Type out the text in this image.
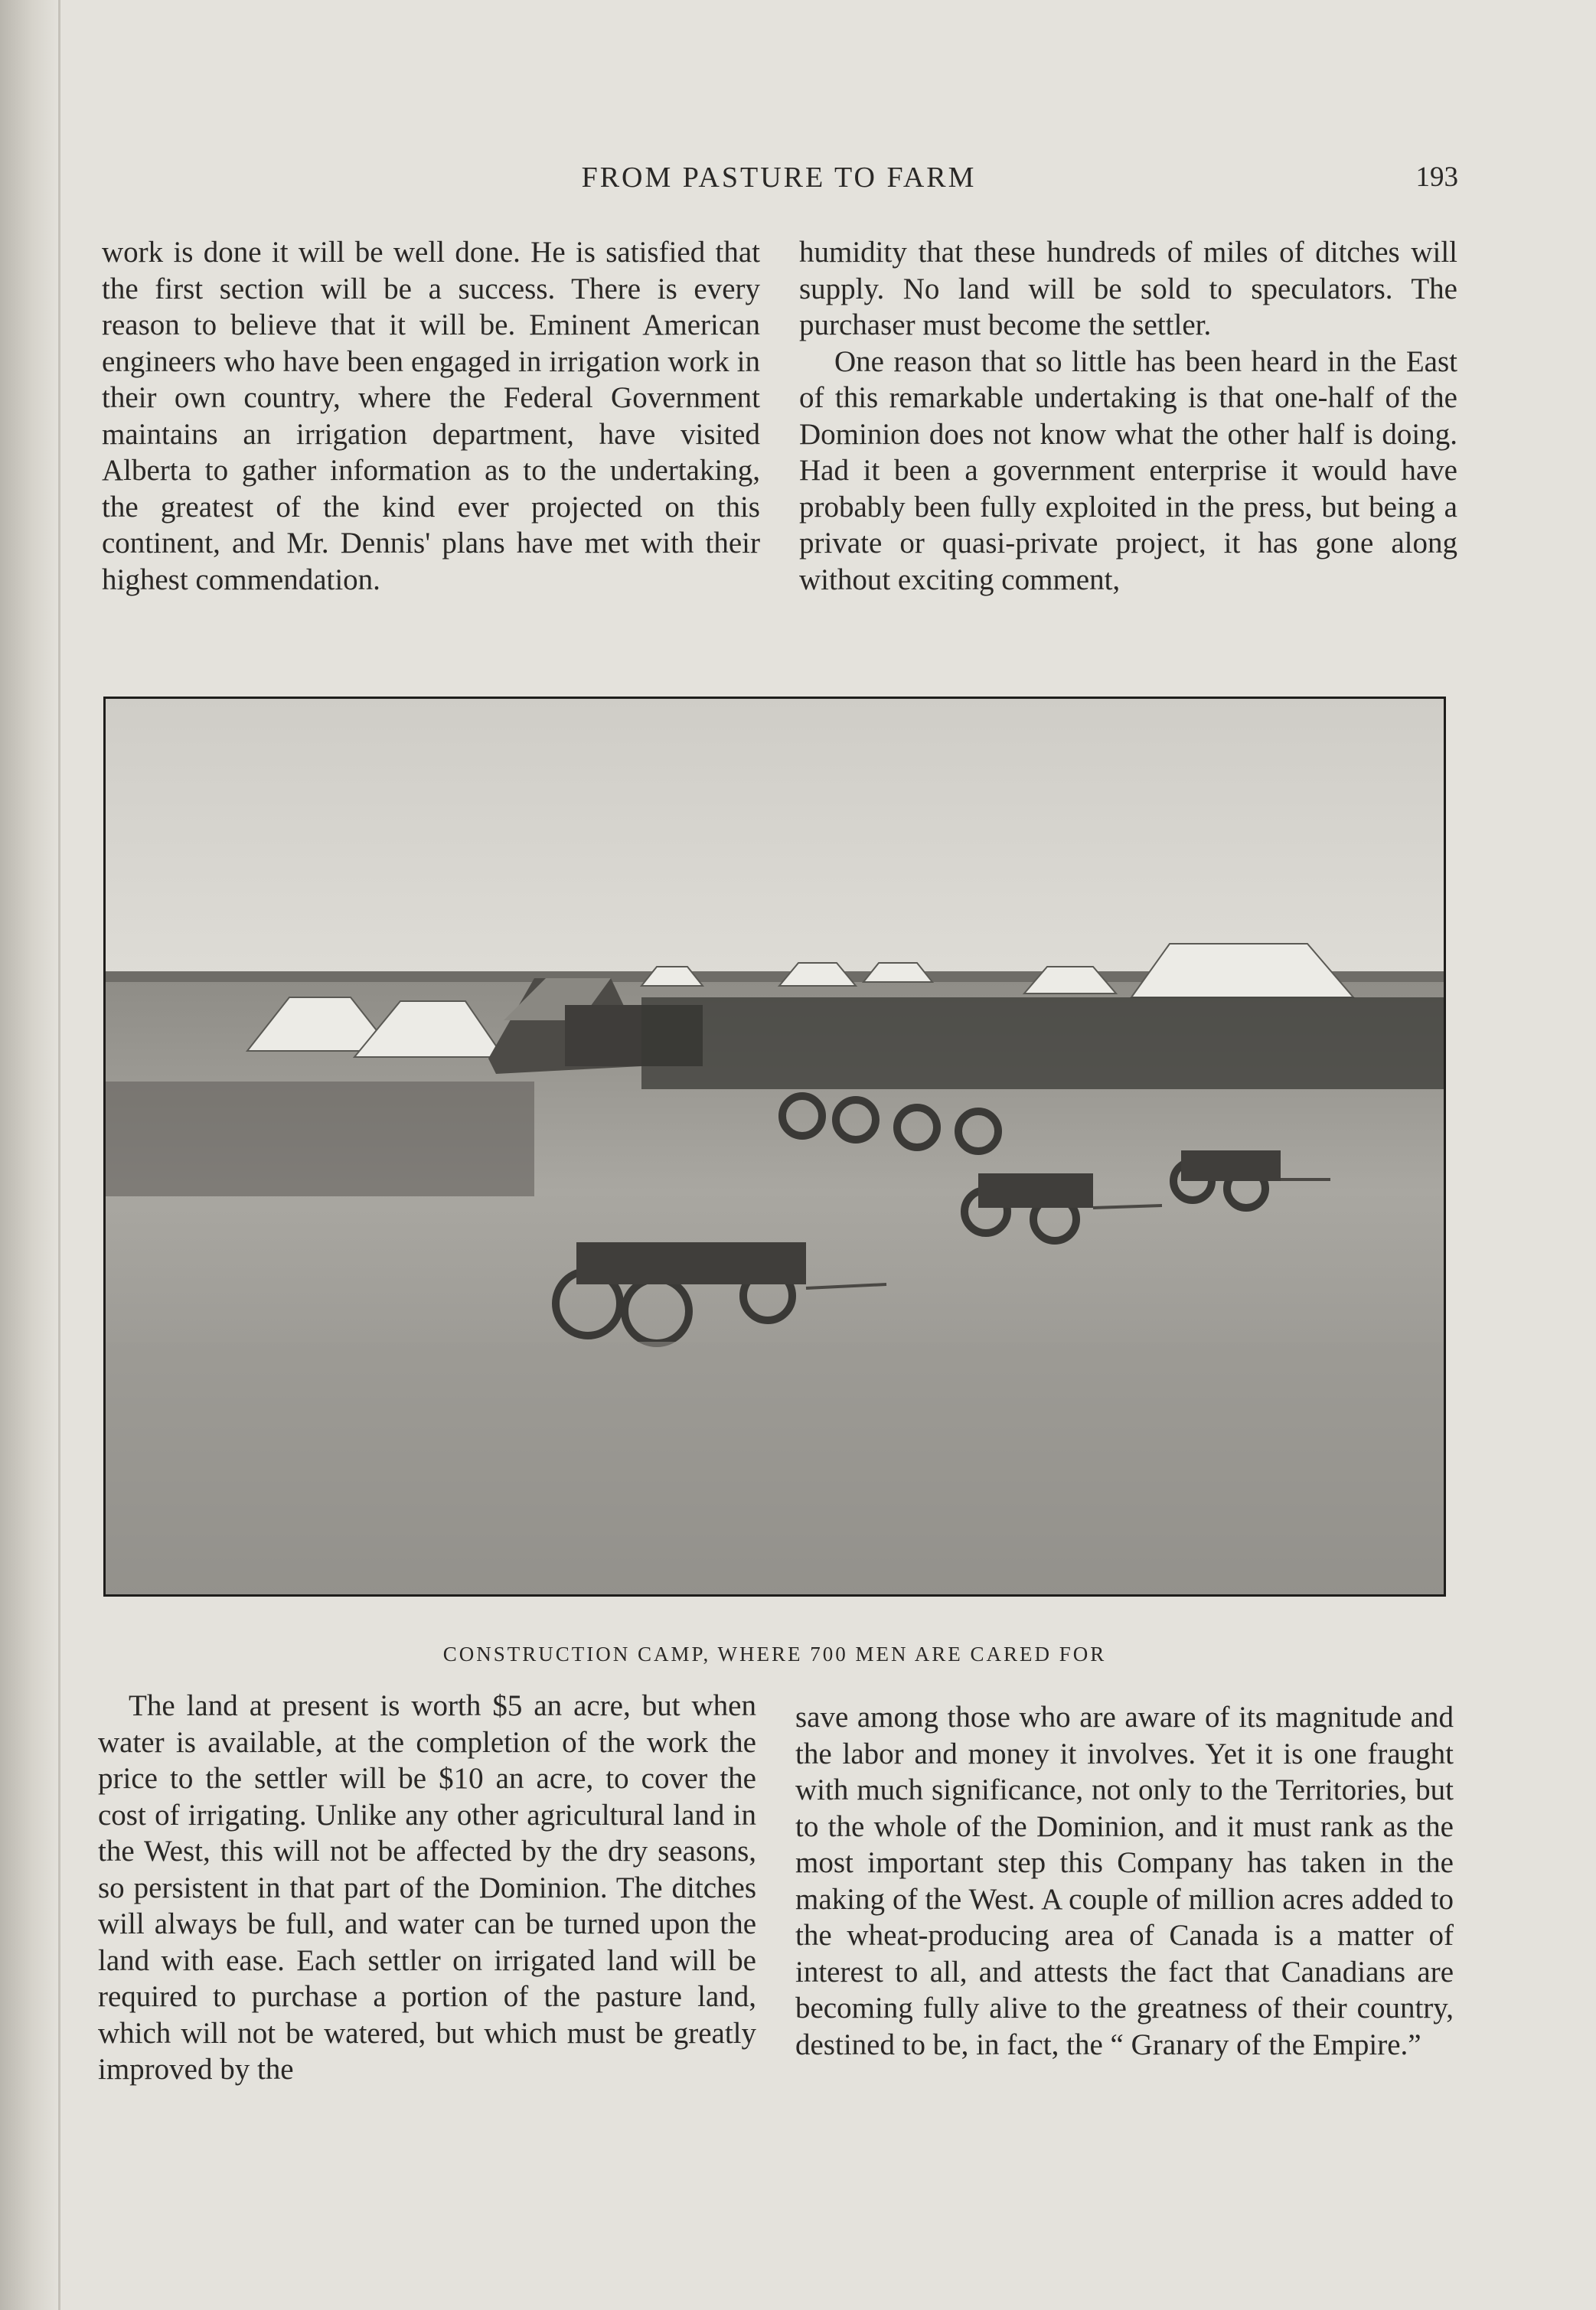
FROM PASTURE TO FARM	193

work is done it will be well done. He is satisfied that the first section will be a success. There is every reason to believe that it will be. Eminent American engineers who have been engaged in irrigation work in their own country, where the Federal Government maintains an irrigation department, have visited Alberta to gather information as to the undertaking, the greatest of the kind ever projected on this continent, and Mr. Dennis' plans have met with their highest commendation.

humidity that these hundreds of miles of ditches will supply. No land will be sold to speculators. The purchaser must become the settler.

One reason that so little has been heard in the East of this remarkable undertaking is that one-half of the Dominion does not know what the other half is doing. Had it been a government enterprise it would have probably been fully exploited in the press, but being a private or quasi-private project, it has gone along without exciting comment,

CONSTRUCTION CAMP, WHERE 700 MEN ARE CARED FOR

The land at present is worth $5 an acre, but when water is available, at the completion of the work the price to the settler will be $10 an acre, to cover the cost of irrigating. Unlike any other agricultural land in the West, this will not be affected by the dry seasons, so persistent in that part of the Dominion. The ditches will always be full, and water can be turned upon the land with ease. Each settler on irrigated land will be required to purchase a portion of the pasture land, which will not be watered, but which must be greatly improved by the

save among those who are aware of its magnitude and the labor and money it involves. Yet it is one fraught with much significance, not only to the Territories, but to the whole of the Dominion, and it must rank as the most important step this Company has taken in the making of the West. A couple of million acres added to the wheat-producing area of Canada is a matter of interest to all, and attests the fact that Canadians are becoming fully alive to the greatness of their country, destined to be, in fact, the “ Granary of the Empire.”
